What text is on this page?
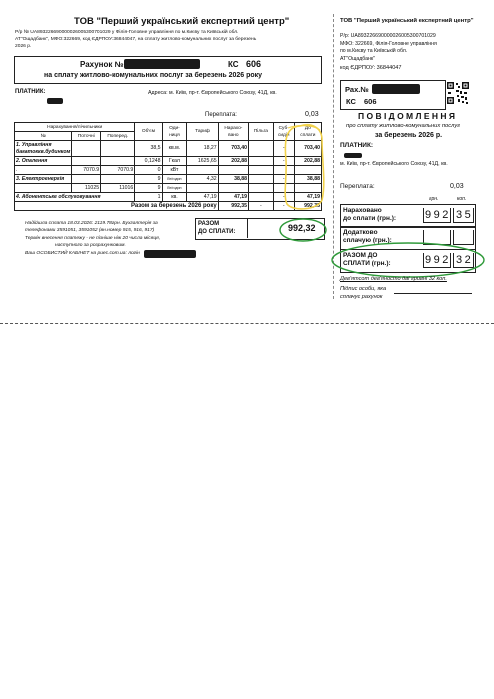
ТОВ "Перший український експертний центр"
Р/р № UA893226690000026005300701029 у Філія-Головне управління по м.Києву та Київській обл.
АТ"Ощадбанк", МФО:322669, код ЄДРПОУ:36844047, на сплату житлово-комунальних послуг за березень
2026 р.
Рахунок №	КС 606
на сплату житлово-комунальних послуг за березень 2026 року
ПЛАТНИК:	Адреса: м. Київ, пр-т. Європейського Союзу, 41Д, кв.
Переплата:	0,03
Нарахування/лічильники			Об'єм	Оди-
ниця	Тариф	Нарахо-
вано	Пільга	Суб-
сидія	До
сплати
№	Поточні	Поперед.							
1. Управління
багатоккв.будинком			38,5	кв.м.	18,27	703,40		-	703,40
2. Опалення			0,1248	Гкал	1625,65	202,88		-	202,88
.	7070.9	7070.9	0	кВт					
3. Електроенергія			9	Вт/годин	4,32	38,88		-	38,88
	11025	11016	9	Вт/годин					
4. Абонентське обслуговування			1	кв.	47,19	47,19		-	47,19
Разом за березень 2026 року						992,35	-	-	992,35
РАЗОМ
ДО СПЛАТИ:	992,32
Надійшла сплата 18.03.2026: 2119.78грн. Бухгалтерія за
телефонами 3591051, 3591052 (вн.номер 915, 916, 917)
Термін внесення платежу - не пізніше ніж 20 числа місяця,
наступного за розрахунковим.
Ваш ОСОБИСТИЙ КАБІНЕТ на puec.com.ua: логін
ТОВ "Перший український експертний центр"
Р/р: UA893226690000026005300701029
МФО: 322669, Філія-Головне управління
по м.Києву та Київській обл.
АТ"Ощадбанк"
код ЄДРПОУ: 36844047
Рах.№
КС 606
П О В І Д О М Л Е Н Н Я
про сплату житлово-комунальних послуг
за березень 2026 р.
ПЛАТНИК:
м. Київ, пр-т. Європейського Союзу, 41Д, кв.
Переплата:	0,03
грн.	коп.
Нараховано
до сплати (грн.):	992 35
Додатково
сплачую (грн.):
РАЗОМ ДО
СПЛАТИ (грн.):	992 32
Дев'ятсот дев'яносто дві гривні 32 коп.
Підпис особи, яка
сплачує рахунок
